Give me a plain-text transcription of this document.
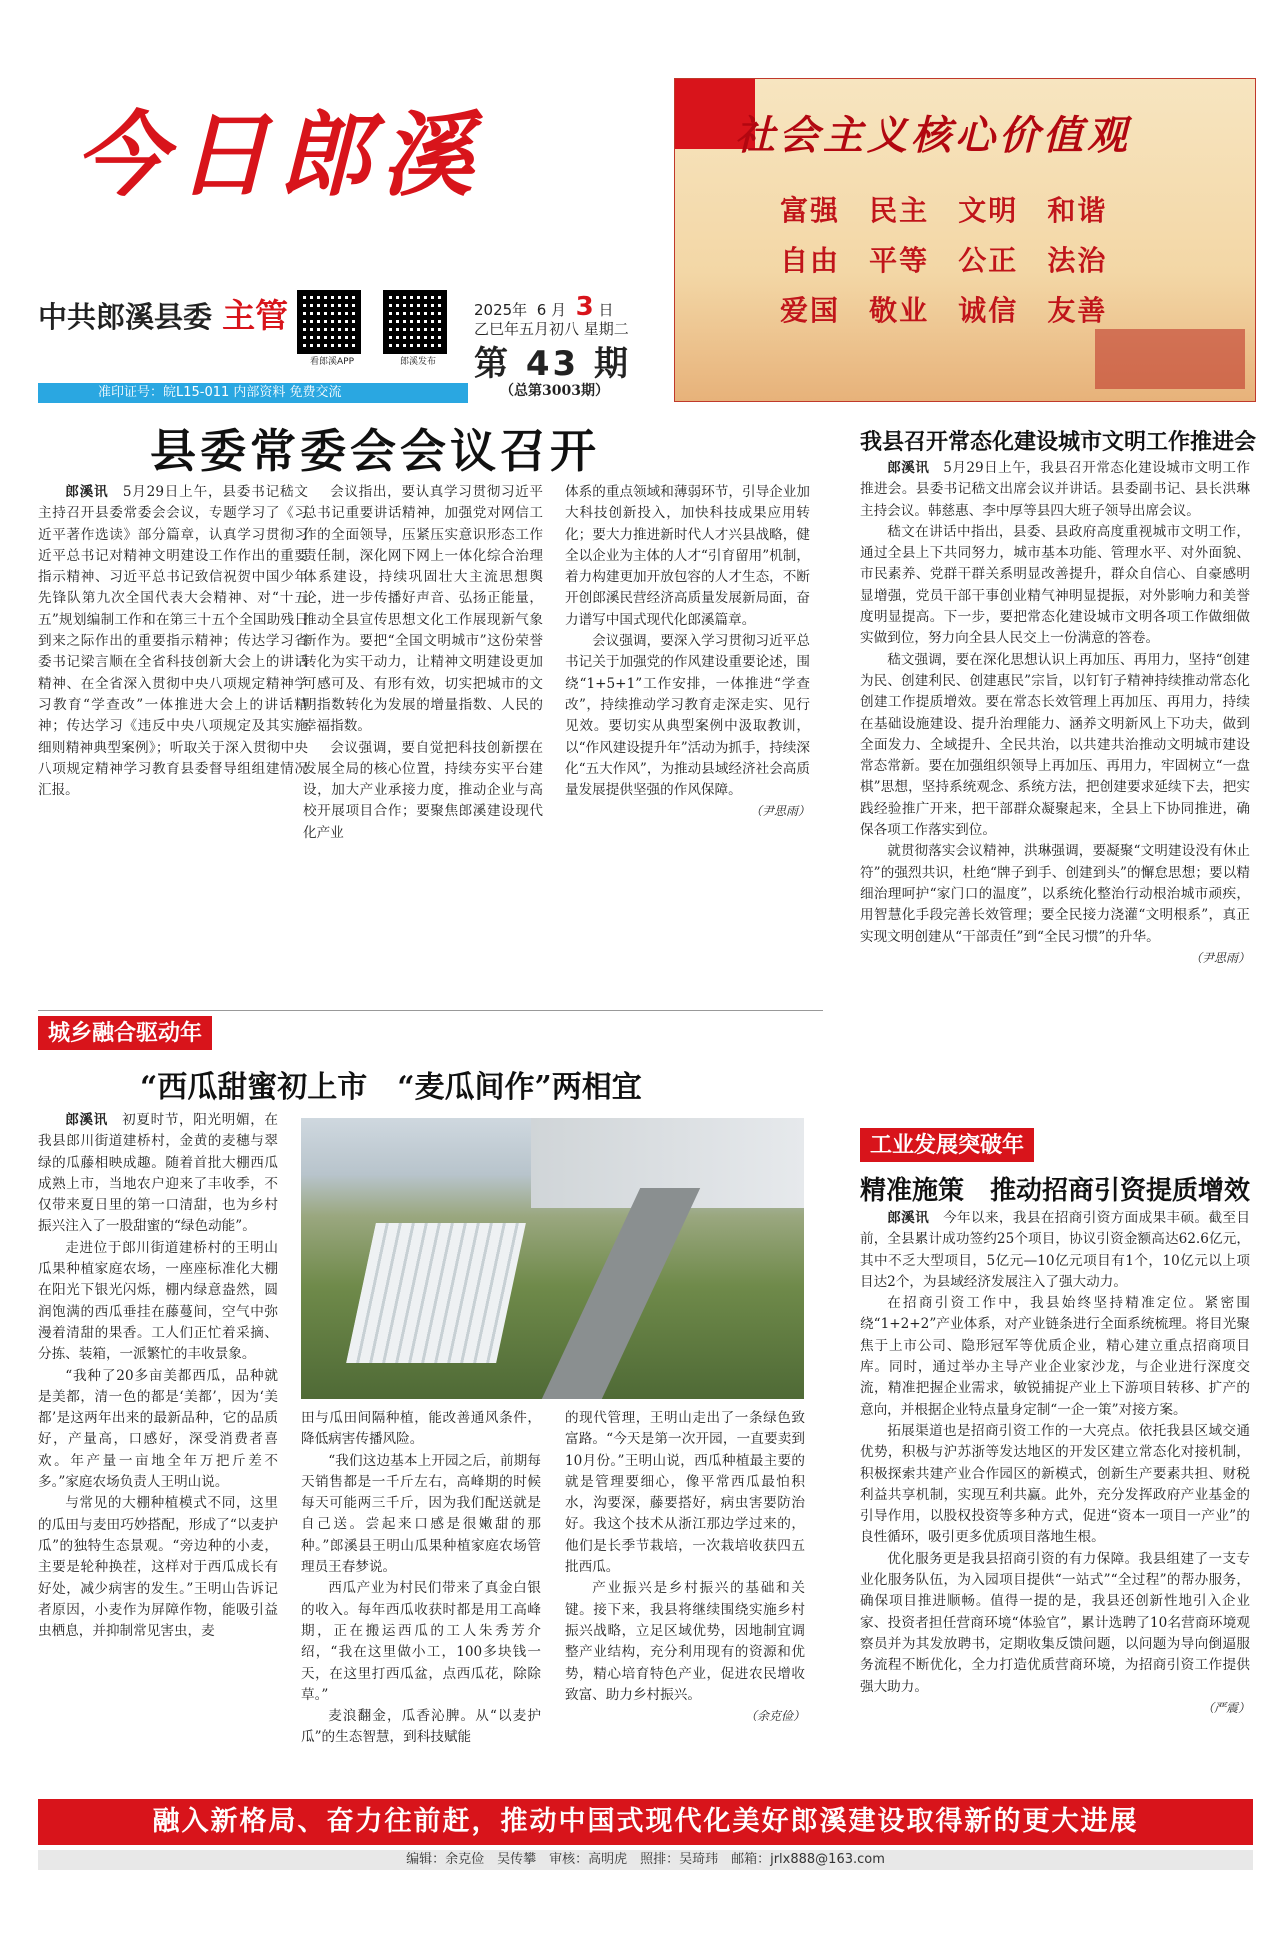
今日郎溪
中共郎溪县委 主管
看郎溪APP	郎溪发布
2025年 6 月 3 日
乙巳年五月初八 星期二
第 43 期
（总第3003期）
准印证号：皖L15-011 内部资料 免费交流
社会主义核心价值观
富强 民主 文明 和谐
自由 平等 公正 法治
爱国 敬业 诚信 友善
县委常委会会议召开

郎溪讯　 5月29日上午，县委书记嵇文主持召开县委常委会会议，专题学习了《习近平著作选读》部分篇章，认真学习贯彻习近平总书记对精神文明建设工作作出的重要指示精神、习近平总书记致信祝贺中国少年先锋队第九次全国代表大会精神、对“十五五”规划编制工作和在第三十五个全国助残日到来之际作出的重要指示精神；传达学习省委书记梁言顺在全省科技创新大会上的讲话精神、在全省深入贯彻中央八项规定精神学习教育“学查改”一体推进大会上的讲话精神；传达学习《违反中央八项规定及其实施细则精神典型案例》；听取关于深入贯彻中央八项规定精神学习教育县委督导组组建情况汇报。

会议指出，要认真学习贯彻习近平总书记重要讲话精神，加强党对网信工作的全面领导，压紧压实意识形态工作责任制，深化网下网上一体化综合治理体系建设，持续巩固壮大主流思想舆论，进一步传播好声音、弘扬正能量，推动全县宣传思想文化工作展现新气象新作为。要把“全国文明城市”这份荣誉转化为实干动力，让精神文明建设更加可感可及、有形有效，切实把城市的文明指数转化为发展的增量指数、人民的幸福指数。

会议强调，要自觉把科技创新摆在发展全局的核心位置，持续夯实平台建设，加大产业承接力度，推动企业与高校开展项目合作；要聚焦郎溪建设现代化产业

体系的重点领域和薄弱环节，引导企业加大科技创新投入，加快科技成果应用转化；要大力推进新时代人才兴县战略，健全以企业为主体的人才“引育留用”机制，着力构建更加开放包容的人才生态，不断开创郎溪民营经济高质量发展新局面，奋力谱写中国式现代化郎溪篇章。

会议强调，要深入学习贯彻习近平总书记关于加强党的作风建设重要论述，围绕“1+5+1”工作安排，一体推进“学查改”，持续推动学习教育走深走实、见行见效。要切实从典型案例中汲取教训，以“作风建设提升年”活动为抓手，持续深化“五大作风”，为推动县域经济社会高质量发展提供坚强的作风保障。

（尹思雨）
我县召开常态化建设城市文明工作推进会

郎溪讯　 5月29日上午，我县召开常态化建设城市文明工作推进会。县委书记嵇文出席会议并讲话。县委副书记、县长洪琳主持会议。韩慈惠、李中厚等县四大班子领导出席会议。

嵇文在讲话中指出，县委、县政府高度重视城市文明工作，通过全县上下共同努力，城市基本功能、管理水平、对外面貌、市民素养、党群干群关系明显改善提升，群众自信心、自豪感明显增强，党员干部干事创业精气神明显提振，对外影响力和美誉度明显提高。下一步，要把常态化建设城市文明各项工作做细做实做到位，努力向全县人民交上一份满意的答卷。

嵇文强调，要在深化思想认识上再加压、再用力，坚持“创建为民、创建利民、创建惠民”宗旨，以钉钉子精神持续推动常态化创建工作提质增效。要在常态长效管理上再加压、再用力，持续在基础设施建设、提升治理能力、涵养文明新风上下功夫，做到全面发力、全域提升、全民共治，以共建共治推动文明城市建设常态常新。要在加强组织领导上再加压、再用力，牢固树立“一盘棋”思想，坚持系统观念、系统方法，把创建要求延续下去，把实践经验推广开来，把干部群众凝聚起来，全县上下协同推进，确保各项工作落实到位。

就贯彻落实会议精神，洪琳强调，要凝聚“文明建设没有休止符”的强烈共识，杜绝“牌子到手、创建到头”的懈怠思想；要以精细治理呵护“家门口的温度”，以系统化整治行动根治城市顽疾，用智慧化手段完善长效管理；要全民接力浇灌“文明根系”，真正实现文明创建从“干部责任”到“全民习惯”的升华。

（尹思雨）
城乡融合驱动年
“西瓜甜蜜初上市　“麦瓜间作”两相宜

郎溪讯　 初夏时节，阳光明媚，在我县郎川街道建桥村，金黄的麦穗与翠绿的瓜藤相映成趣。随着首批大棚西瓜成熟上市，当地农户迎来了丰收季，不仅带来夏日里的第一口清甜，也为乡村振兴注入了一股甜蜜的“绿色动能”。

走进位于郎川街道建桥村的王明山瓜果种植家庭农场，一座座标准化大棚在阳光下银光闪烁，棚内绿意盎然，圆润饱满的西瓜垂挂在藤蔓间，空气中弥漫着清甜的果香。工人们正忙着采摘、分拣、装箱，一派繁忙的丰收景象。

“我种了20多亩美都西瓜，品种就是美都，清一色的都是‘美都’，因为‘美都’是这两年出来的最新品种，它的品质好，产量高，口感好，深受消费者喜欢。年产量一亩地全年万把斤差不多。”家庭农场负责人王明山说。

与常见的大棚种植模式不同，这里的瓜田与麦田巧妙搭配，形成了“以麦护瓜”的独特生态景观。“旁边种的小麦，主要是轮种换茬，这样对于西瓜成长有好处，减少病害的发生。”王明山告诉记者原因，小麦作为屏障作物，能吸引益虫栖息，并抑制常见害虫，麦

田与瓜田间隔种植，能改善通风条件，降低病害传播风险。

“我们这边基本上开园之后，前期每天销售都是一千斤左右，高峰期的时候每天可能两三千斤，因为我们配送就是自己送。尝起来口感是很嫩甜的那种。”郎溪县王明山瓜果种植家庭农场管理员王春梦说。

西瓜产业为村民们带来了真金白银的收入。每年西瓜收获时都是用工高峰期，正在搬运西瓜的工人朱秀芳介绍，“我在这里做小工，100多块钱一天，在这里打西瓜盆，点西瓜花，除除草。”

麦浪翻金，瓜香沁脾。从“以麦护瓜”的生态智慧，到科技赋能

的现代管理，王明山走出了一条绿色致富路。“今天是第一次开园，一直要卖到10月份。”王明山说，西瓜种植最主要的就是管理要细心，像平常西瓜最怕积水，沟要深，藤要搭好，病虫害要防治好。我这个技术从浙江那边学过来的，他们是长季节栽培，一次栽培收获四五批西瓜。

产业振兴是乡村振兴的基础和关键。接下来，我县将继续围绕实施乡村振兴战略，立足区域优势，因地制宜调整产业结构，充分利用现有的资源和优势，精心培育特色产业，促进农民增收致富、助力乡村振兴。

（余克俭）
工业发展突破年
精准施策　推动招商引资提质增效

郎溪讯　 今年以来，我县在招商引资方面成果丰硕。截至目前，全县累计成功签约25个项目，协议引资金额高达62.6亿元，其中不乏大型项目，5亿元—10亿元项目有1个，10亿元以上项目达2个，为县域经济发展注入了强大动力。

在招商引资工作中，我县始终坚持精准定位。紧密围绕“1+2+2”产业体系，对产业链条进行全面系统梳理。将目光聚焦于上市公司、隐形冠军等优质企业，精心建立重点招商项目库。同时，通过举办主导产业企业家沙龙，与企业进行深度交流，精准把握企业需求，敏锐捕捉产业上下游项目转移、扩产的意向，并根据企业特点量身定制“一企一策”对接方案。

拓展渠道也是招商引资工作的一大亮点。依托我县区域交通优势，积极与沪苏浙等发达地区的开发区建立常态化对接机制，积极探索共建产业合作园区的新模式，创新生产要素共担、财税利益共享机制，实现互利共赢。此外，充分发挥政府产业基金的引导作用，以股权投资等多种方式，促进“资本一项目一产业”的良性循环，吸引更多优质项目落地生根。

优化服务更是我县招商引资的有力保障。我县组建了一支专业化服务队伍，为入园项目提供“一站式”“全过程”的帮办服务，确保项目推进顺畅。值得一提的是，我县还创新性地引入企业家、投资者担任营商环境“体验官”，累计选聘了10名营商环境观察员并为其发放聘书，定期收集反馈问题，以问题为导向倒逼服务流程不断优化，全力打造优质营商环境，为招商引资工作提供强大助力。

（严震）
融入新格局、奋力往前赶，推动中国式现代化美好郎溪建设取得新的更大进展
编辑：余克俭　吴传攀　审核：高明虎　照排：吴琦玮　邮箱：jrlx888@163.com
